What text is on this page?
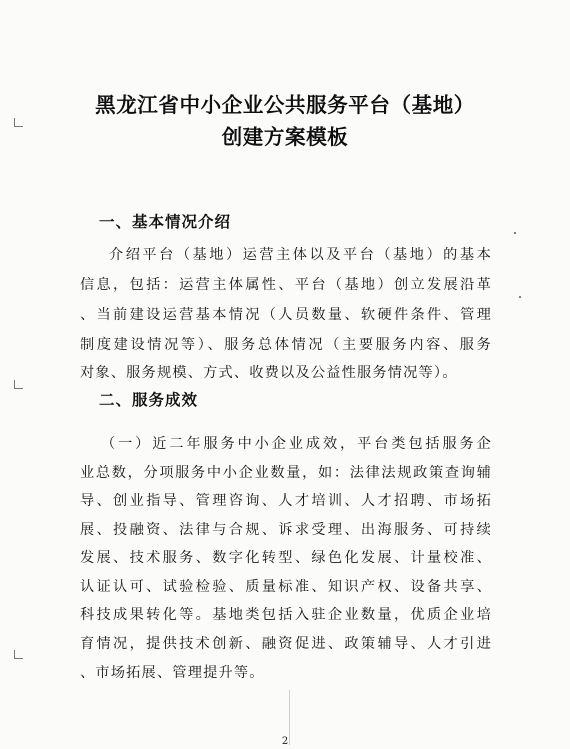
黑龙江省中小企业公共服务平台（基地）
创建方案模板
一、基本情况介绍
介绍平台（基地）运营主体以及平台（基地）的基本
信息，包括：运营主体属性、平台（基地）创立发展沿革
、当前建设运营基本情况（人员数量、软硬件条件、管理
制度建设情况等）、服务总体情况（主要服务内容、服务
对象、服务规模、方式、收费以及公益性服务情况等）。
二、服务成效
（一）近二年服务中小企业成效，平台类包括服务企
业总数，分项服务中小企业数量，如：法律法规政策查询辅
导、创业指导、管理咨询、人才培训、人才招聘、市场拓
展、投融资、法律与合规、诉求受理、出海服务、可持续
发展、技术服务、数字化转型、绿色化发展、计量校准、
认证认可、试验检验、质量标准、知识产权、设备共享、
科技成果转化等。基地类包括入驻企业数量，优质企业培
育情况，提供技术创新、融资促进、政策辅导、人才引进
、市场拓展、管理提升等。
2
